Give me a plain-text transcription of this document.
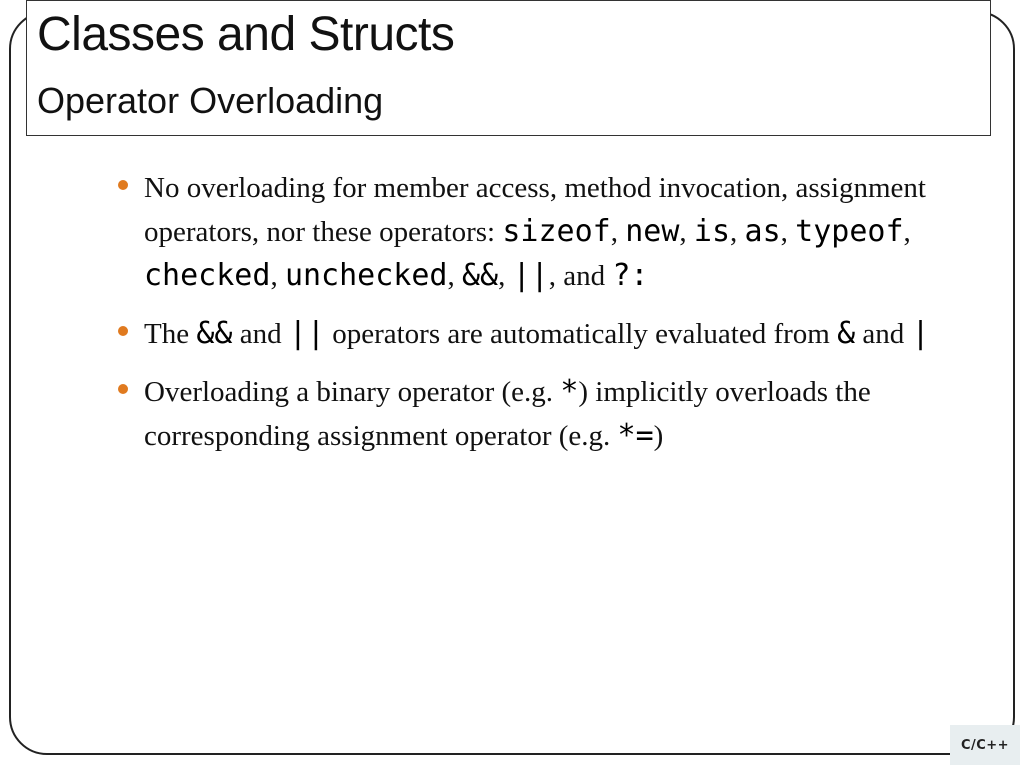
Classes and Structs
Operator Overloading
No overloading for member access, method invocation, assignment operators, nor these operators: sizeof, new, is, as, typeof, checked, unchecked, &&, ||, and ?:
The && and || operators are automatically evaluated from & and |
Overloading a binary operator (e.g. *) implicitly overloads the corresponding assignment operator (e.g. *=)
C/C++
